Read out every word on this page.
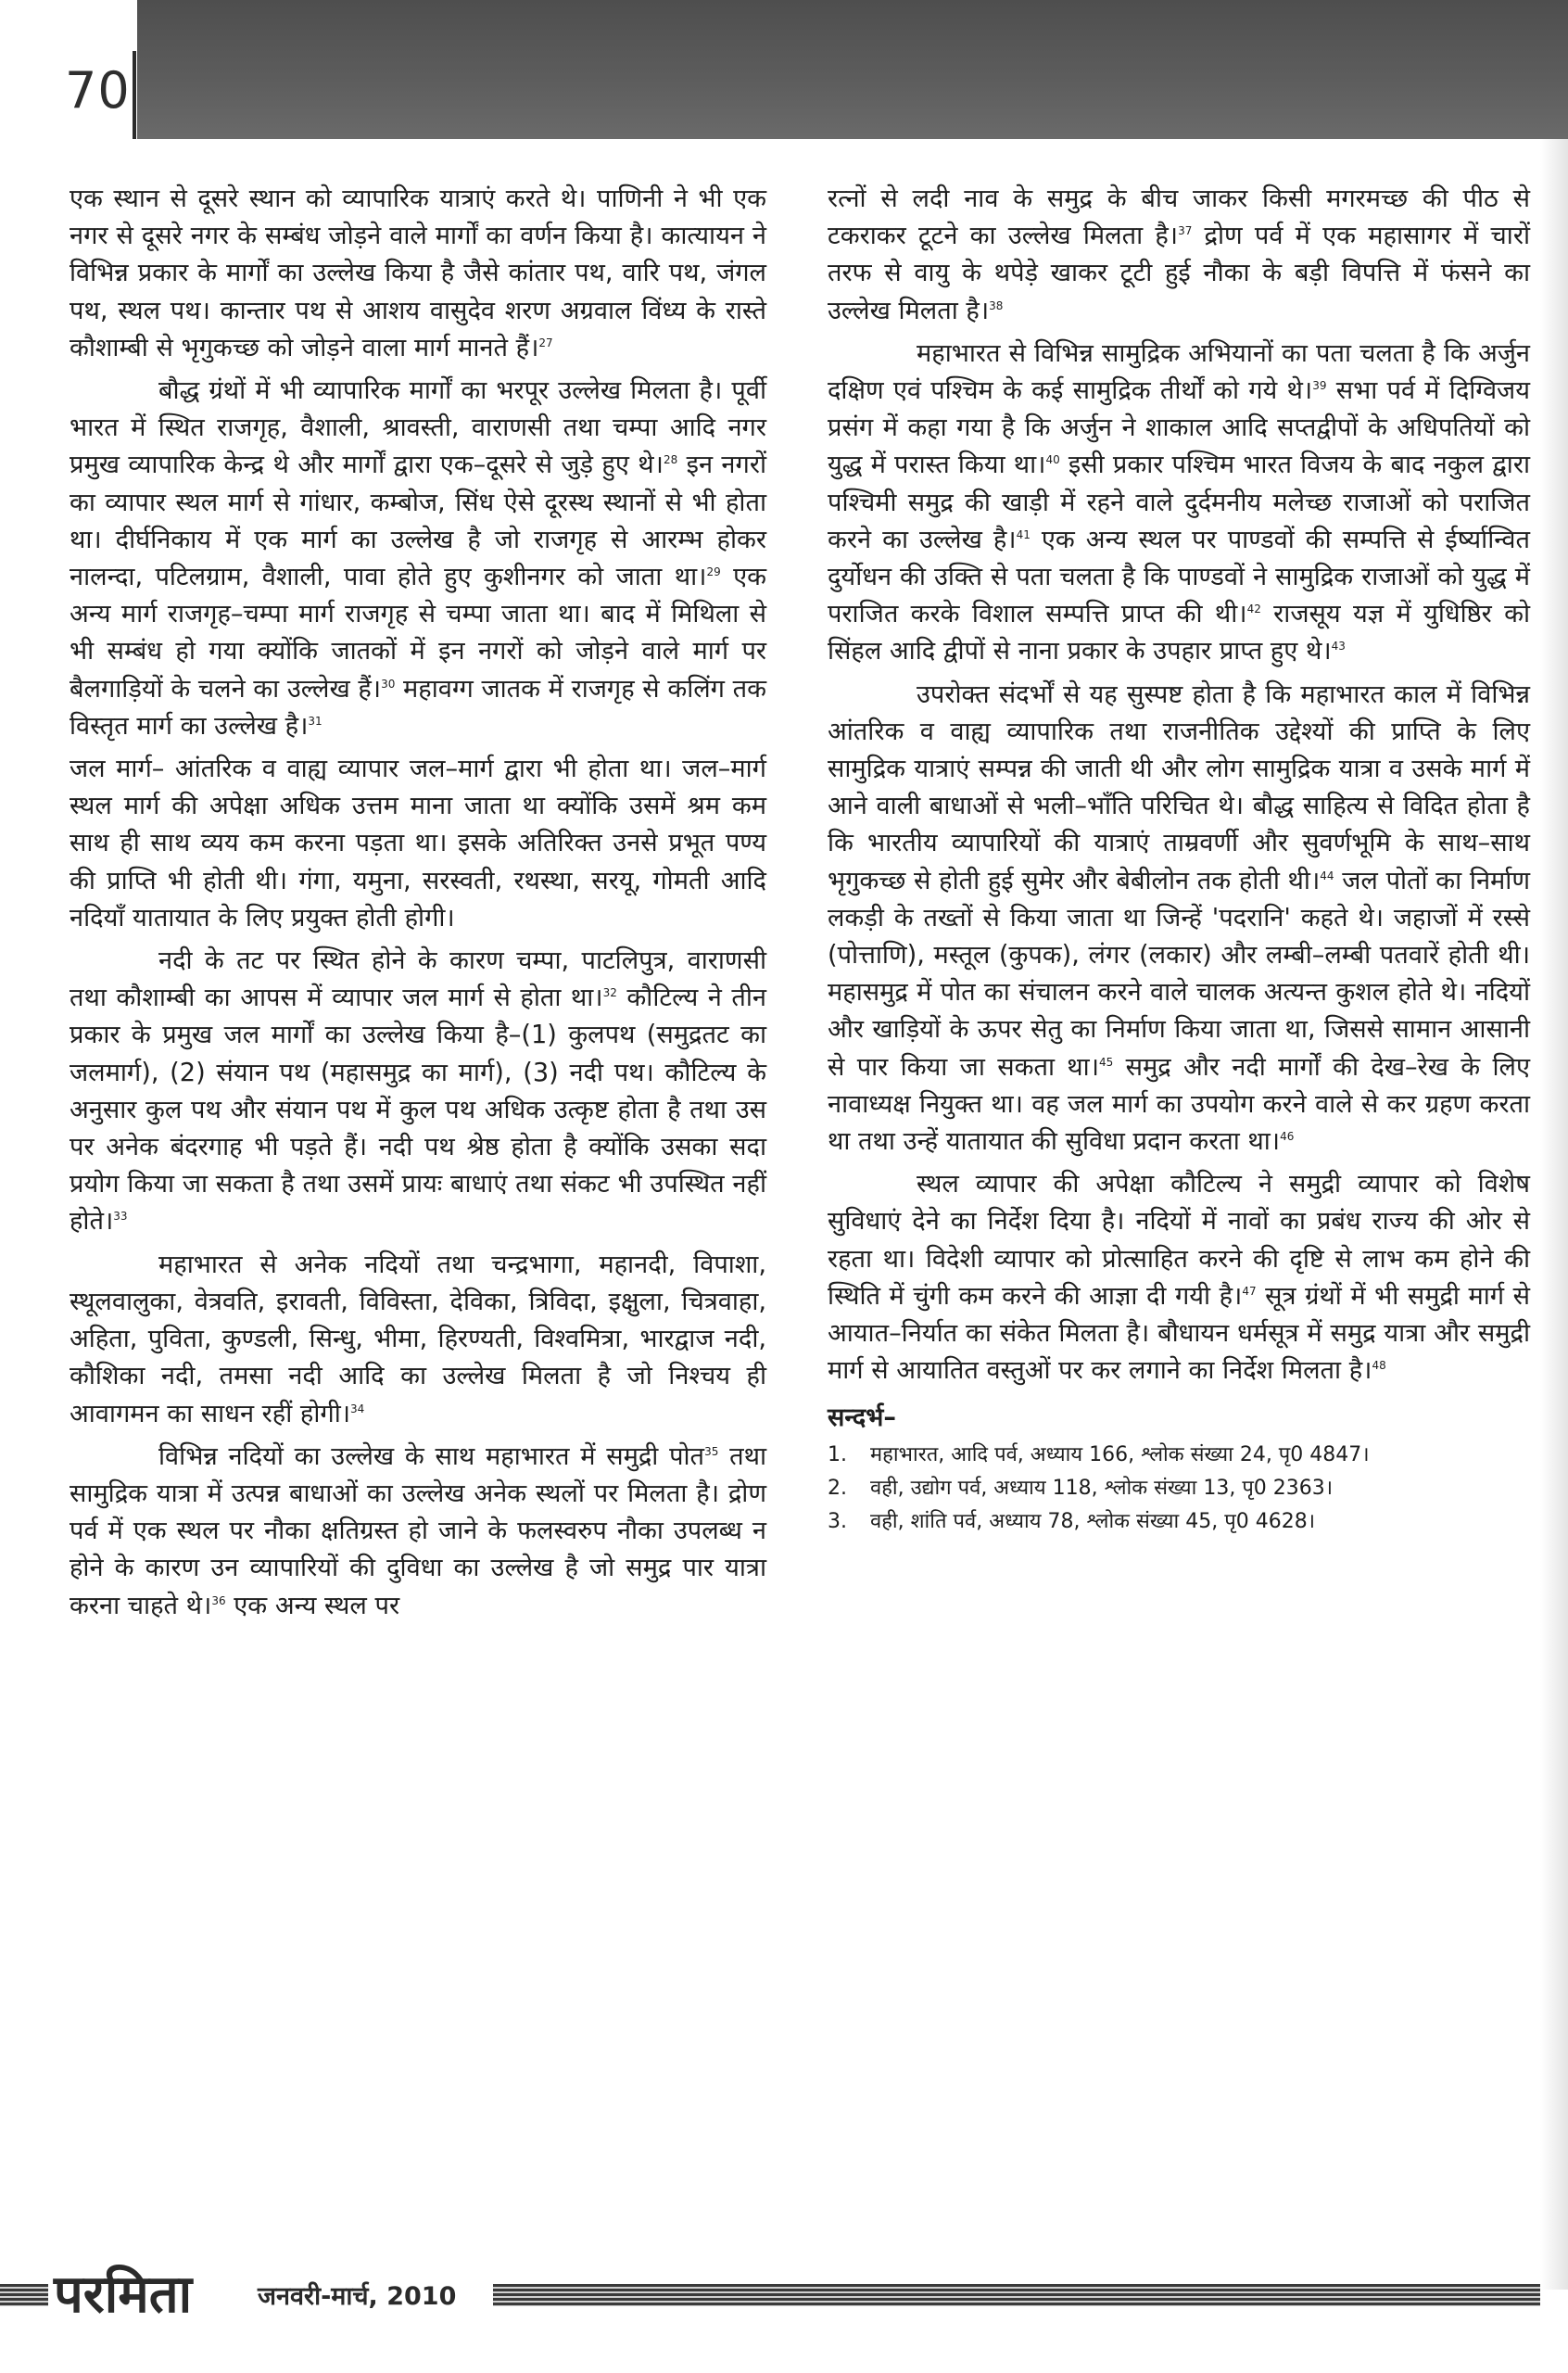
70

एक स्थान से दूसरे स्थान को व्यापारिक यात्राएं करते थे। पाणिनी ने भी एक नगर से दूसरे नगर के सम्बंध जोड़ने वाले मार्गों का वर्णन किया है। कात्यायन ने विभिन्न प्रकार के मार्गों का उल्लेख किया है जैसे कांतार पथ, वारि पथ, जंगल पथ, स्थल पथ। कान्तार पथ से आशय वासुदेव शरण अग्रवाल विंध्य के रास्ते कौशाम्बी से भृगुकच्छ को जोड़ने वाला मार्ग मानते हैं।$^{27}$

बौद्ध ग्रंथों में भी व्यापारिक मार्गों का भरपूर उल्लेख मिलता है। पूर्वी भारत में स्थित राजगृह, वैशाली, श्रावस्ती, वाराणसी तथा चम्पा आदि नगर प्रमुख व्यापारिक केन्द्र थे और मार्गों द्वारा एक–दूसरे से जुड़े हुए थे।$^{28}$ इन नगरों का व्यापार स्थल मार्ग से गांधार, कम्बोज, सिंध ऐसे दूरस्थ स्थानों से भी होता था। दीर्घनिकाय में एक मार्ग का उल्लेख है जो राजगृह से आरम्भ होकर नालन्दा, पटिलग्राम, वैशाली, पावा होते हुए कुशीनगर को जाता था।$^{29}$ एक अन्य मार्ग राजगृह–चम्पा मार्ग राजगृह से चम्पा जाता था। बाद में मिथिला से भी सम्बंध हो गया क्योंकि जातकों में इन नगरों को जोड़ने वाले मार्ग पर बैलगाड़ियों के चलने का उल्लेख हैं।$^{30}$ महावग्ग जातक में राजगृह से कलिंग तक विस्तृत मार्ग का उल्लेख है।$^{31}$

जल मार्ग– आंतरिक व वाह्य व्यापार जल–मार्ग द्वारा भी होता था। जल–मार्ग स्थल मार्ग की अपेक्षा अधिक उत्तम माना जाता था क्योंकि उसमें श्रम कम साथ ही साथ व्यय कम करना पड़ता था। इसके अतिरिक्त उनसे प्रभूत पण्य की प्राप्ति भी होती थी। गंगा, यमुना, सरस्वती, रथस्था, सरयू, गोमती आदि नदियाँ यातायात के लिए प्रयुक्त होती होगी।

नदी के तट पर स्थित होने के कारण चम्पा, पाटलिपुत्र, वाराणसी तथा कौशाम्बी का आपस में व्यापार जल मार्ग से होता था।$^{32}$ कौटिल्य ने तीन प्रकार के प्रमुख जल मार्गों का उल्लेख किया है–(1) कुलपथ (समुद्रतट का जलमार्ग), (2) संयान पथ (महासमुद्र का मार्ग), (3) नदी पथ। कौटिल्य के अनुसार कुल पथ और संयान पथ में कुल पथ अधिक उत्कृष्ट होता है तथा उस पर अनेक बंदरगाह भी पड़ते हैं। नदी पथ श्रेष्ठ होता है क्योंकि उसका सदा प्रयोग किया जा सकता है तथा उसमें प्रायः बाधाएं तथा संकट भी उपस्थित नहीं होते।$^{33}$

महाभारत से अनेक नदियों तथा चन्द्रभागा, महानदी, विपाशा, स्थूलवालुका, वेत्रवति, इरावती, विविस्ता, देविका, त्रिविदा, इक्षुला, चित्रवाहा, अहिता, पुविता, कुण्डली, सिन्धु, भीमा, हिरण्यती, विश्वमित्रा, भारद्वाज नदी, कौशिका नदी, तमसा नदी आदि का उल्लेख मिलता है जो निश्चय ही आवागमन का साधन रहीं होगी।$^{34}$

विभिन्न नदियों का उल्लेख के साथ महाभारत में समुद्री पोत$^{35}$ तथा सामुद्रिक यात्रा में उत्पन्न बाधाओं का उल्लेख अनेक स्थलों पर मिलता है। द्रोण पर्व में एक स्थल पर नौका क्षतिग्रस्त हो जाने के फलस्वरुप नौका उपलब्ध न होने के कारण उन व्यापारियों की दुविधा का उल्लेख है जो समुद्र पार यात्रा करना चाहते थे।$^{36}$ एक अन्य स्थल पर

रत्नों से लदी नाव के समुद्र के बीच जाकर किसी मगरमच्छ की पीठ से टकराकर टूटने का उल्लेख मिलता है।$^{37}$ द्रोण पर्व में एक महासागर में चारों तरफ से वायु के थपेड़े खाकर टूटी हुई नौका के बड़ी विपत्ति में फंसने का उल्लेख मिलता है।$^{38}$

महाभारत से विभिन्न सामुद्रिक अभियानों का पता चलता है कि अर्जुन दक्षिण एवं पश्चिम के कई सामुद्रिक तीर्थों को गये थे।$^{39}$ सभा पर्व में दिग्विजय प्रसंग में कहा गया है कि अर्जुन ने शाकाल आदि सप्तद्वीपों के अधिपतियों को युद्ध में परास्त किया था।$^{40}$ इसी प्रकार पश्चिम भारत विजय के बाद नकुल द्वारा पश्चिमी समुद्र की खाड़ी में रहने वाले दुर्दमनीय मलेच्छ राजाओं को पराजित करने का उल्लेख है।$^{41}$ एक अन्य स्थल पर पाण्डवों की सम्पत्ति से ईर्ष्यान्वित दुर्योधन की उक्ति से पता चलता है कि पाण्डवों ने सामुद्रिक राजाओं को युद्ध में पराजित करके विशाल सम्पत्ति प्राप्त की थी।$^{42}$ राजसूय यज्ञ में युधिष्ठिर को सिंहल आदि द्वीपों से नाना प्रकार के उपहार प्राप्त हुए थे।$^{43}$

उपरोक्त संदर्भों से यह सुस्पष्ट होता है कि महाभारत काल में विभिन्न आंतरिक व वाह्य व्यापारिक तथा राजनीतिक उद्देश्यों की प्राप्ति के लिए सामुद्रिक यात्राएं सम्पन्न की जाती थी और लोग सामुद्रिक यात्रा व उसके मार्ग में आने वाली बाधाओं से भली–भाँति परिचित थे। बौद्ध साहित्य से विदित होता है कि भारतीय व्यापारियों की यात्राएं ताम्रवर्णी और सुवर्णभूमि के साथ–साथ भृगुकच्छ से होती हुई सुमेर और बेबीलोन तक होती थी।$^{44}$ जल पोतों का निर्माण लकड़ी के तख्तों से किया जाता था जिन्हें 'पदरानि' कहते थे। जहाजों में रस्से (पोत्ताणि), मस्तूल (कुपक), लंगर (लकार) और लम्बी–लम्बी पतवारें होती थी। महासमुद्र में पोत का संचालन करने वाले चालक अत्यन्त कुशल होते थे। नदियों और खाड़ियों के ऊपर सेतु का निर्माण किया जाता था, जिससे सामान आसानी से पार किया जा सकता था।$^{45}$ समुद्र और नदी मार्गों की देख–रेख के लिए नावाध्यक्ष नियुक्त था। वह जल मार्ग का उपयोग करने वाले से कर ग्रहण करता था तथा उन्हें यातायात की सुविधा प्रदान करता था।$^{46}$

स्थल व्यापार की अपेक्षा कौटिल्य ने समुद्री व्यापार को विशेष सुविधाएं देने का निर्देश दिया है। नदियों में नावों का प्रबंध राज्य की ओर से रहता था। विदेशी व्यापार को प्रोत्साहित करने की दृष्टि से लाभ कम होने की स्थिति में चुंगी कम करने की आज्ञा दी गयी है।$^{47}$ सूत्र ग्रंथों में भी समुद्री मार्ग से आयात–निर्यात का संकेत मिलता है। बौधायन धर्मसूत्र में समुद्र यात्रा और समुद्री मार्ग से आयातित वस्तुओं पर कर लगाने का निर्देश मिलता है।$^{48}$

सन्दर्भ–
1.	महाभारत, आदि पर्व, अध्याय 166, श्लोक संख्या 24, पृ0 4847।
2.	वही, उद्योग पर्व, अध्याय 118, श्लोक संख्या 13, पृ0 2363।
3.	वही, शांति पर्व, अध्याय 78, श्लोक संख्या 45, पृ0 4628।
परमिता	जनवरी-मार्च, 2010
